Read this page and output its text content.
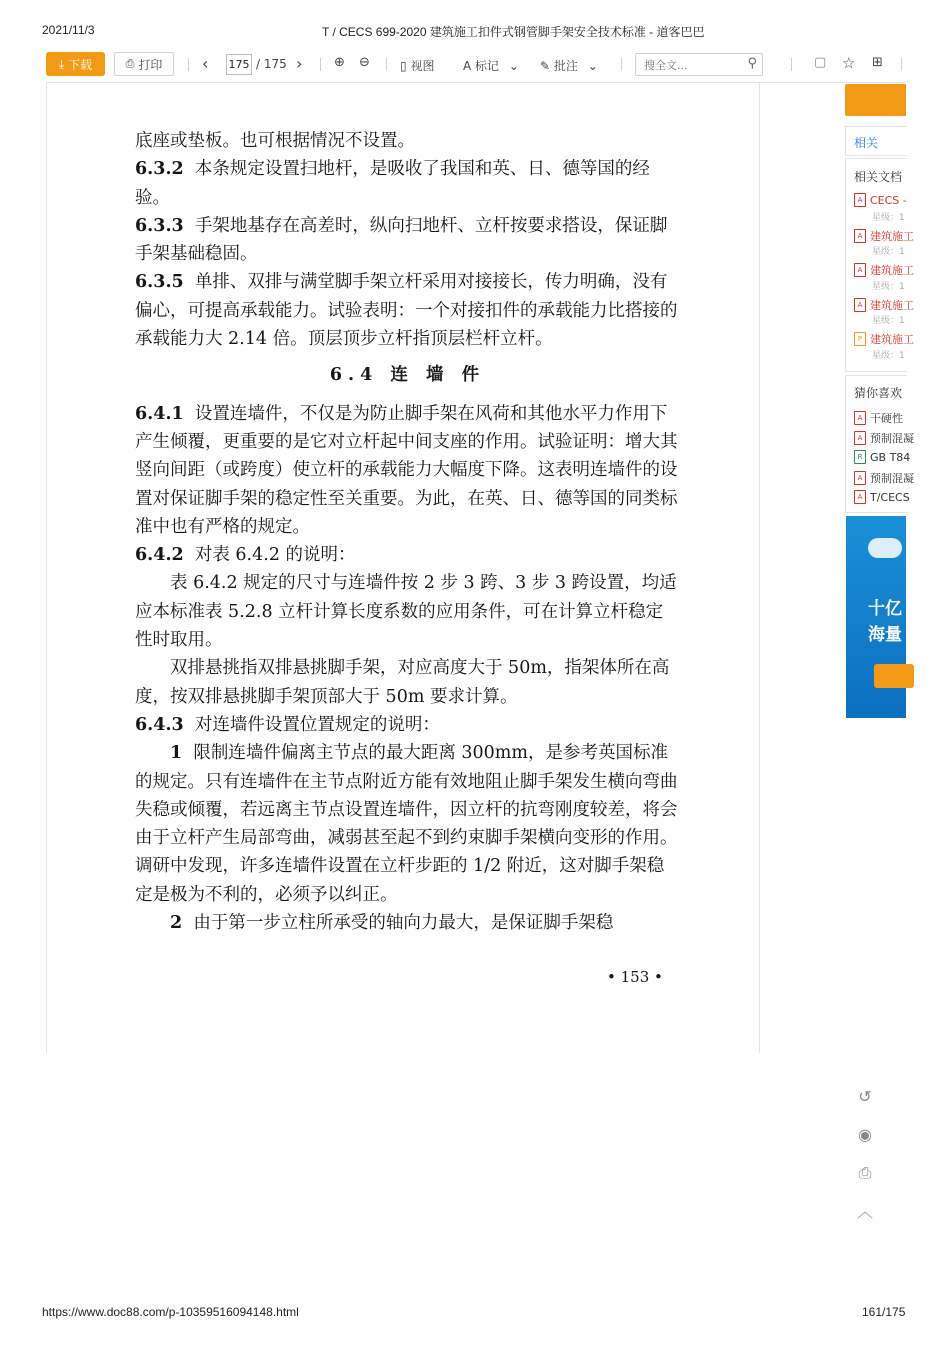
2021/11/3	T / CECS 699-2020 建筑施工扣件式钢管脚手架安全技术标准 - 道客巴巴
⤓ 下载	⎙ 打印 ‹ 175 / 175 › ⊕ ⊖	▯ 视图 A 标记 ⌄ ✎ 批注 ⌄
搜全文...	⚲	▢ ☆ ⊞

底座或垫板。也可根据情况不设置。

6.3.2 本条规定设置扫地杆，是吸收了我国和英、日、德等国的经验。

6.3.3 手架地基存在高差时，纵向扫地杆、立杆按要求搭设，保证脚手架基础稳固。

6.3.5 单排、双排与满堂脚手架立杆采用对接接长，传力明确，没有偏心，可提高承载能力。试验表明：一个对接扣件的承载能力比搭接的承载能力大 2.14 倍。顶层顶步立杆指顶层栏杆立杆。

6.4 连 墙 件

6.4.1 设置连墙件，不仅是为防止脚手架在风荷和其他水平力作用下产生倾覆，更重要的是它对立杆起中间支座的作用。试验证明：增大其竖向间距（或跨度）使立杆的承载能力大幅度下降。这表明连墙件的设置对保证脚手架的稳定性至关重要。为此，在英、日、德等国的同类标准中也有严格的规定。

6.4.2 对表 6.4.2 的说明：

表 6.4.2 规定的尺寸与连墙件按 2 步 3 跨、3 步 3 跨设置，均适应本标准表 5.2.8 立杆计算长度系数的应用条件，可在计算立杆稳定性时取用。

双排悬挑指双排悬挑脚手架，对应高度大于 50m，指架体所在高度，按双排悬挑脚手架顶部大于 50m 要求计算。

6.4.3 对连墙件设置位置规定的说明：

1 限制连墙件偏离主节点的最大距离 300mm，是参考英国标准的规定。只有连墙件在主节点附近方能有效地阻止脚手架发生横向弯曲失稳或倾覆，若远离主节点设置连墙件，因立杆的抗弯刚度较差，将会由于立杆产生局部弯曲，减弱甚至起不到约束脚手架横向变形的作用。调研中发现，许多连墙件设置在立杆步距的 1/2 附近，这对脚手架稳定是极为不利的，必须予以纠正。

2 由于第一步立柱所承受的轴向力最大，是保证脚手架稳

• 153 •
相关
相关文档
A CECS -
星级：1
A 建筑施工
星级：1
A 建筑施工
星级：1
A 建筑施工
星级：1
P 建筑施工
星级：1
猜你喜欢
A 干硬性
A 预制混凝
R GB T84
A 预制混凝
A T/CECS
十亿
海量
↺
◉
⎙
︿
https://www.doc88.com/p-10359516094148.html	161/175
